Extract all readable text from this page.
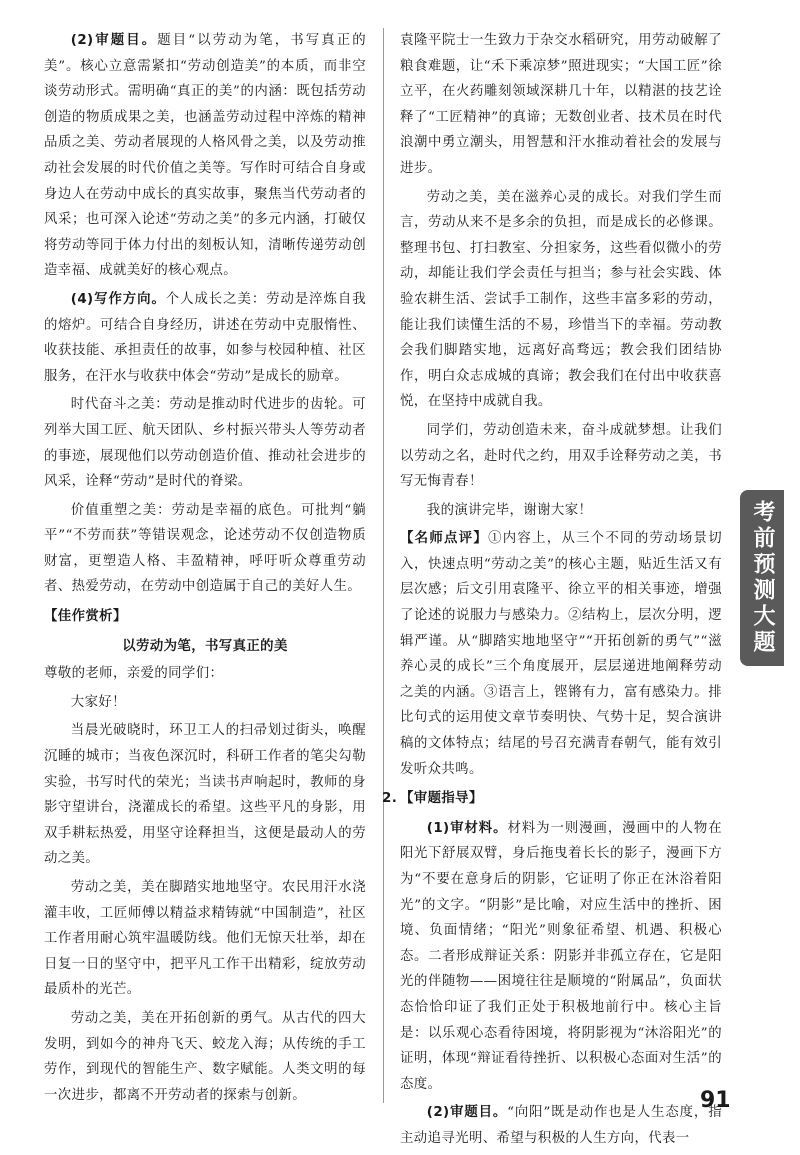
(2)审题目。题目“以劳动为笔，书写真正的美”。核心立意需紧扣“劳动创造美”的本质，而非空谈劳动形式。需明确“真正的美”的内涵：既包括劳动创造的物质成果之美，也涵盖劳动过程中淬炼的精神品质之美、劳动者展现的人格风骨之美，以及劳动推动社会发展的时代价值之美等。写作时可结合自身或身边人在劳动中成长的真实故事，聚焦当代劳动者的风采；也可深入论述“劳动之美”的多元内涵，打破仅将劳动等同于体力付出的刻板认知，清晰传递劳动创造幸福、成就美好的核心观点。

(4)写作方向。个人成长之美：劳动是淬炼自我的熔炉。可结合自身经历，讲述在劳动中克服惰性、收获技能、承担责任的故事，如参与校园种植、社区服务，在汗水与收获中体会“劳动”是成长的励章。

时代奋斗之美：劳动是推动时代进步的齿轮。可列举大国工匠、航天团队、乡村振兴带头人等劳动者的事迹，展现他们以劳动创造价值、推动社会进步的风采，诠释“劳动”是时代的脊梁。

价值重塑之美：劳动是幸福的底色。可批判“躺平”“不劳而获”等错误观念，论述劳动不仅创造物质财富，更塑造人格、丰盈精神，呼吁听众尊重劳动者、热爱劳动，在劳动中创造属于自己的美好人生。

【佳作赏析】

以劳动为笔，书写真正的美

尊敬的老师，亲爱的同学们：

大家好！

当晨光破晓时，环卫工人的扫帚划过街头，唤醒沉睡的城市；当夜色深沉时，科研工作者的笔尖勾勒实验，书写时代的荣光；当读书声响起时，教师的身影守望讲台，浇灌成长的希望。这些平凡的身影，用双手耕耘热爱，用坚守诠释担当，这便是最动人的劳动之美。

劳动之美，美在脚踏实地地坚守。农民用汗水浇灌丰收，工匠师傅以精益求精铸就“中国制造”，社区工作者用耐心筑牢温暖防线。他们无惊天壮举，却在日复一日的坚守中，把平凡工作干出精彩，绽放劳动最质朴的光芒。

劳动之美，美在开拓创新的勇气。从古代的四大发明，到如今的神舟飞天、蛟龙入海；从传统的手工劳作，到现代的智能生产、数字赋能。人类文明的每一次进步，都离不开劳动者的探索与创新。

袁隆平院士一生致力于杂交水稻研究，用劳动破解了粮食难题，让“禾下乘凉梦”照进现实；“大国工匠”徐立平，在火药雕刻领域深耕几十年，以精湛的技艺诠释了“工匠精神”的真谛；无数创业者、技术员在时代浪潮中勇立潮头，用智慧和汗水推动着社会的发展与进步。

劳动之美，美在滋养心灵的成长。对我们学生而言，劳动从来不是多余的负担，而是成长的必修课。整理书包、打扫教室、分担家务，这些看似微小的劳动，却能让我们学会责任与担当；参与社会实践、体验农耕生活、尝试手工制作，这些丰富多彩的劳动，能让我们读懂生活的不易，珍惜当下的幸福。劳动教会我们脚踏实地，远离好高骛远；教会我们团结协作，明白众志成城的真谛；教会我们在付出中收获喜悦，在坚持中成就自我。

同学们，劳动创造未来，奋斗成就梦想。让我们以劳动之名，赴时代之约，用双手诠释劳动之美，书写无悔青春！

我的演讲完毕，谢谢大家！

【名师点评】①内容上，从三个不同的劳动场景切入，快速点明“劳动之美”的核心主题，贴近生活又有层次感；后文引用袁隆平、徐立平的相关事迹，增强了论述的说服力与感染力。②结构上，层次分明，逻辑严谨。从“脚踏实地地坚守”“开拓创新的勇气”“滋养心灵的成长”三个角度展开，层层递进地阐释劳动之美的内涵。③语言上，铿锵有力，富有感染力。排比句式的运用使文章节奏明快、气势十足，契合演讲稿的文体特点；结尾的号召充满青春朝气，能有效引发听众共鸣。

2. 【审题指导】

(1)审材料。材料为一则漫画，漫画中的人物在阳光下舒展双臂，身后拖曳着长长的影子，漫画下方为“不要在意身后的阴影，它证明了你正在沐浴着阳光”的文字。“阴影”是比喻，对应生活中的挫折、困境、负面情绪；“阳光”则象征希望、机遇、积极心态。二者形成辩证关系：阴影并非孤立存在，它是阳光的伴随物——困境往往是顺境的“附属品”，负面状态恰恰印证了我们正处于积极地前行中。核心主旨是：以乐观心态看待困境，将阴影视为“沐浴阳光”的证明，体现“辩证看待挫折、以积极心态面对生活”的态度。

(2)审题目。“向阳”既是动作也是人生态度，指主动追寻光明、希望与积极的人生方向，代表一

考前预测大题
91
